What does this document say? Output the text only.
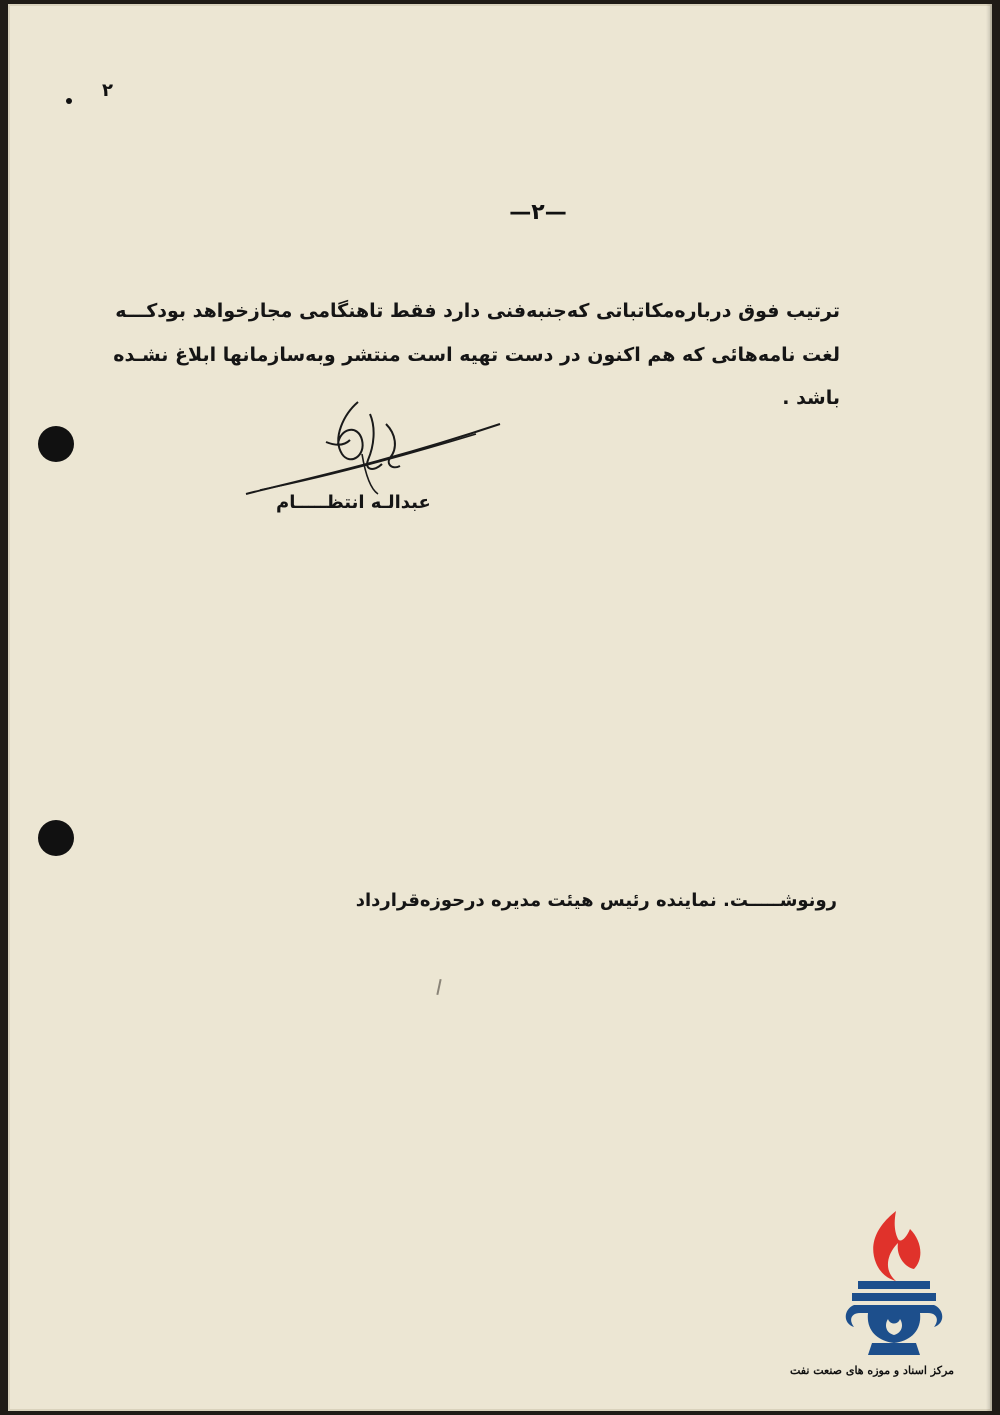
۲
—۲—
ترتیب فوق دربارەمکاتباتی کەجنبەفنی دارد فقط تاهنگامی مجازخواهد بودکـــه
لغت نامەهائی کە هم اکنون در دست تهیه است منتشر وبەسازمانها ابلاغ نشـده
باشد .
عبدالـه انتظـــــام
رونوشـــــت. نماینده رئیس هیئت مدیره درحوزەقرارداد
مرکز اسناد و موزه های صنعت نفت
